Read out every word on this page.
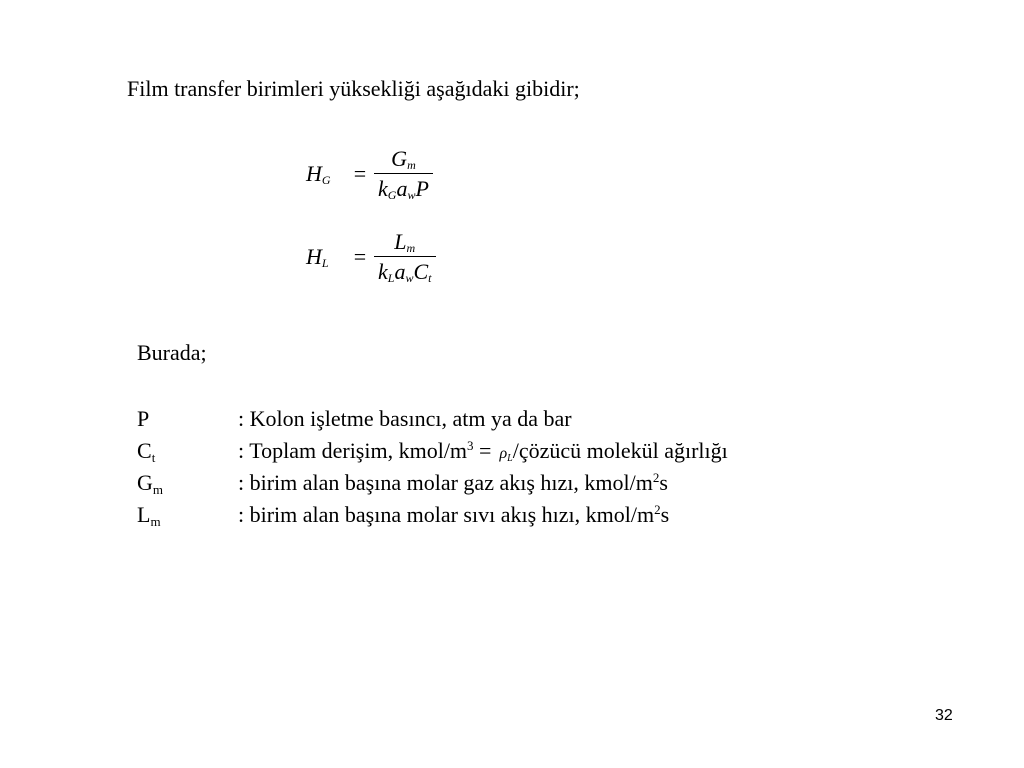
Film transfer birimleri yüksekliği aşağıdaki gibidir;
$H_G$	= $\frac{G_m}{k_Ga_wP}$
$H_L$	= $\frac{L_m}{k_La_wC_t}$
Burada;
P	: Kolon işletme basıncı, atm ya da bar
$C_t$	: Toplam derişim, kmol/$m^3$ = $\rho_L$/çözücü molekül ağırlığı
$G_m$	: birim alan başına molar gaz akış hızı, kmol/$m^2s$
$L_m$	: birim alan başına molar sıvı akış hızı, kmol/$m^2s$
32
